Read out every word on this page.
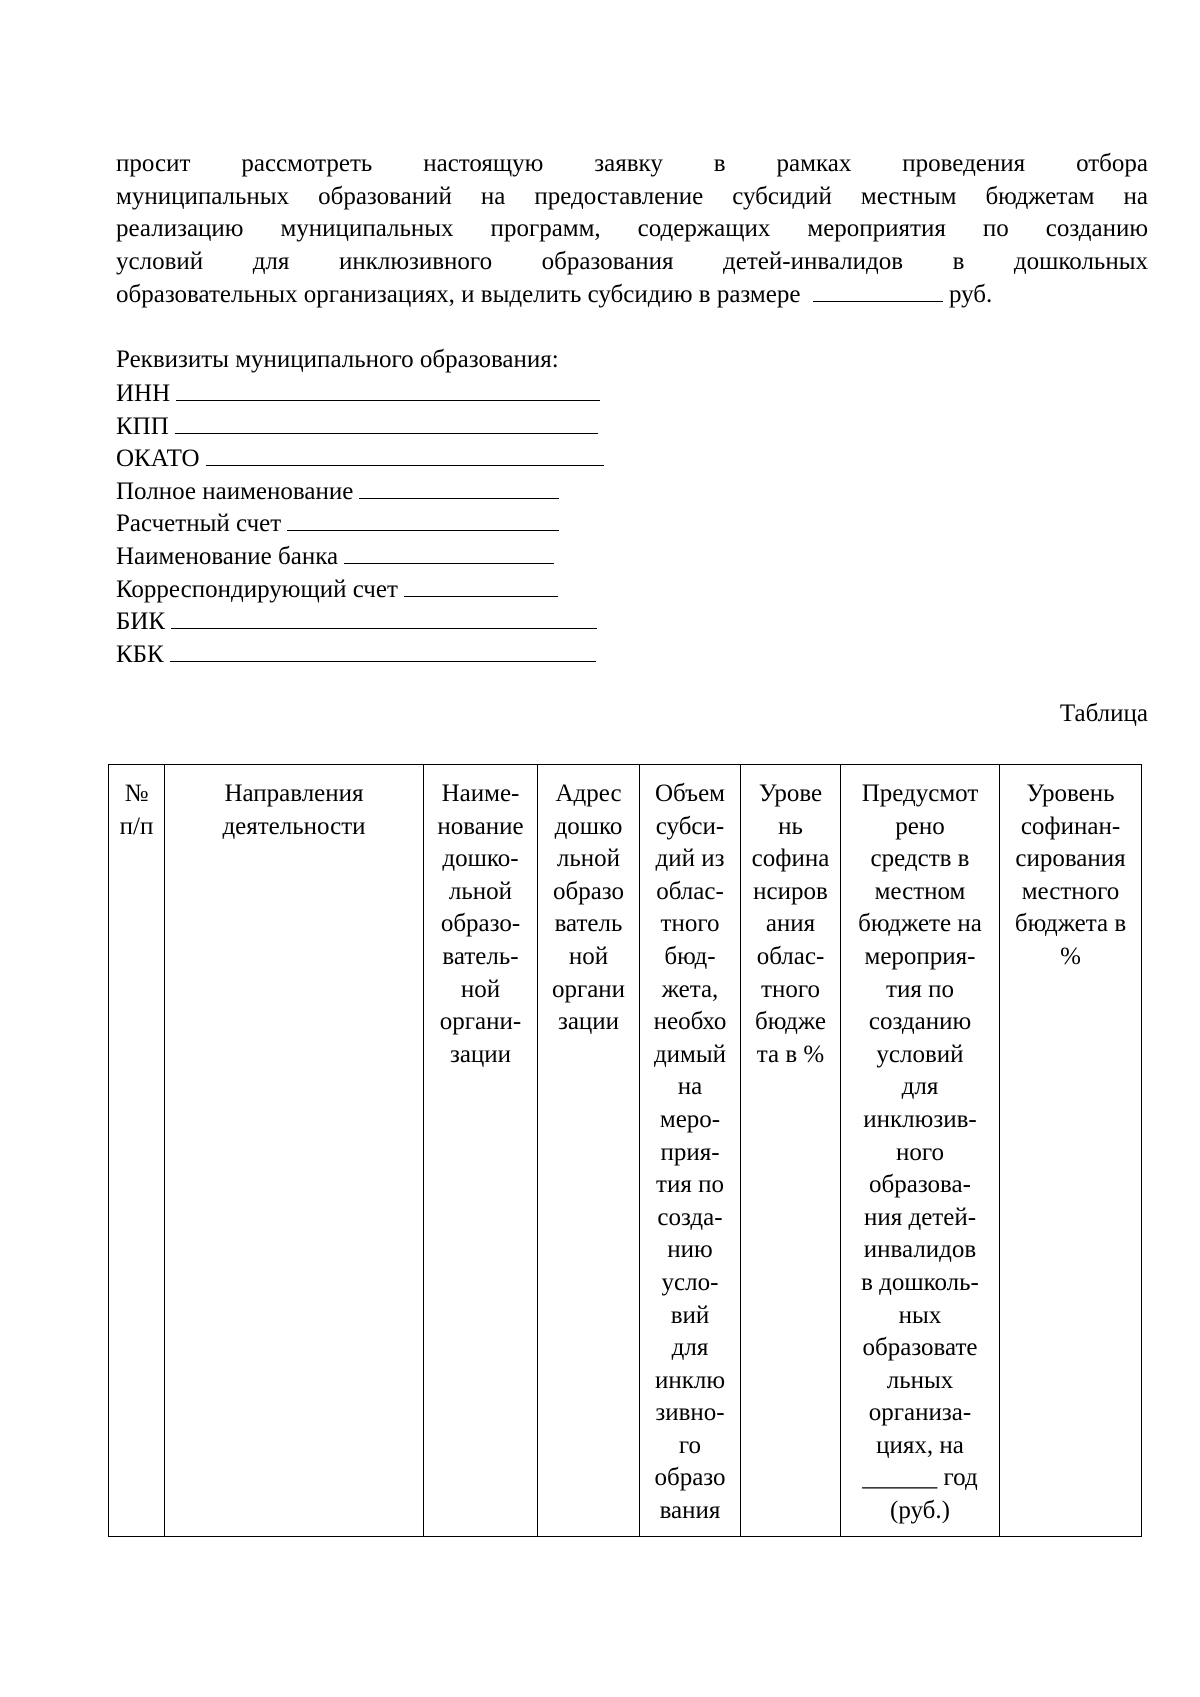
просит рассмотреть настоящую заявку в рамках проведения отбора
муниципальных образований на предоставление субсидий местным бюджетам на
реализацию муниципальных программ, содержащих мероприятия по созданию
условий для инклюзивного образования детей-инвалидов в дошкольных
образовательных организациях, и выделить субсидию в размере	руб.

Реквизиты муниципального образования:

ИНН
КПП
ОКАТО
Полное наименование
Расчетный счет
Наименование банка
Корреспондирующий счет
БИК
КБК

Таблица

№
п/п

Направления
деятельности

Наиме-
нование
дошко-
льной
образо-
ватель-
ной
органи-
зации

Адрес
дошко
льной
образо
ватель
ной
органи
зации

Объем
субси-
дий из
облас-
тного
бюд-
жета,
необхо
димый
на
меро-
прия-
тия по
созда-
нию
усло-
вий
для
инклю
зивно-
го
образо
вания

Урове
нь
софина
нсиров
ания
облас-
тного
бюдже
та в %

Предусмот
рено
средств в
местном
бюджете на
мероприя-
тия по
созданию
условий
для
инклюзив-
ного
образова-
ния детей-
инвалидов
в дошколь-
ных
образовате
льных
организа-
циях, на
______ год
(руб.)

Уровень
софинан-
сирования
местного
бюджета в
%
